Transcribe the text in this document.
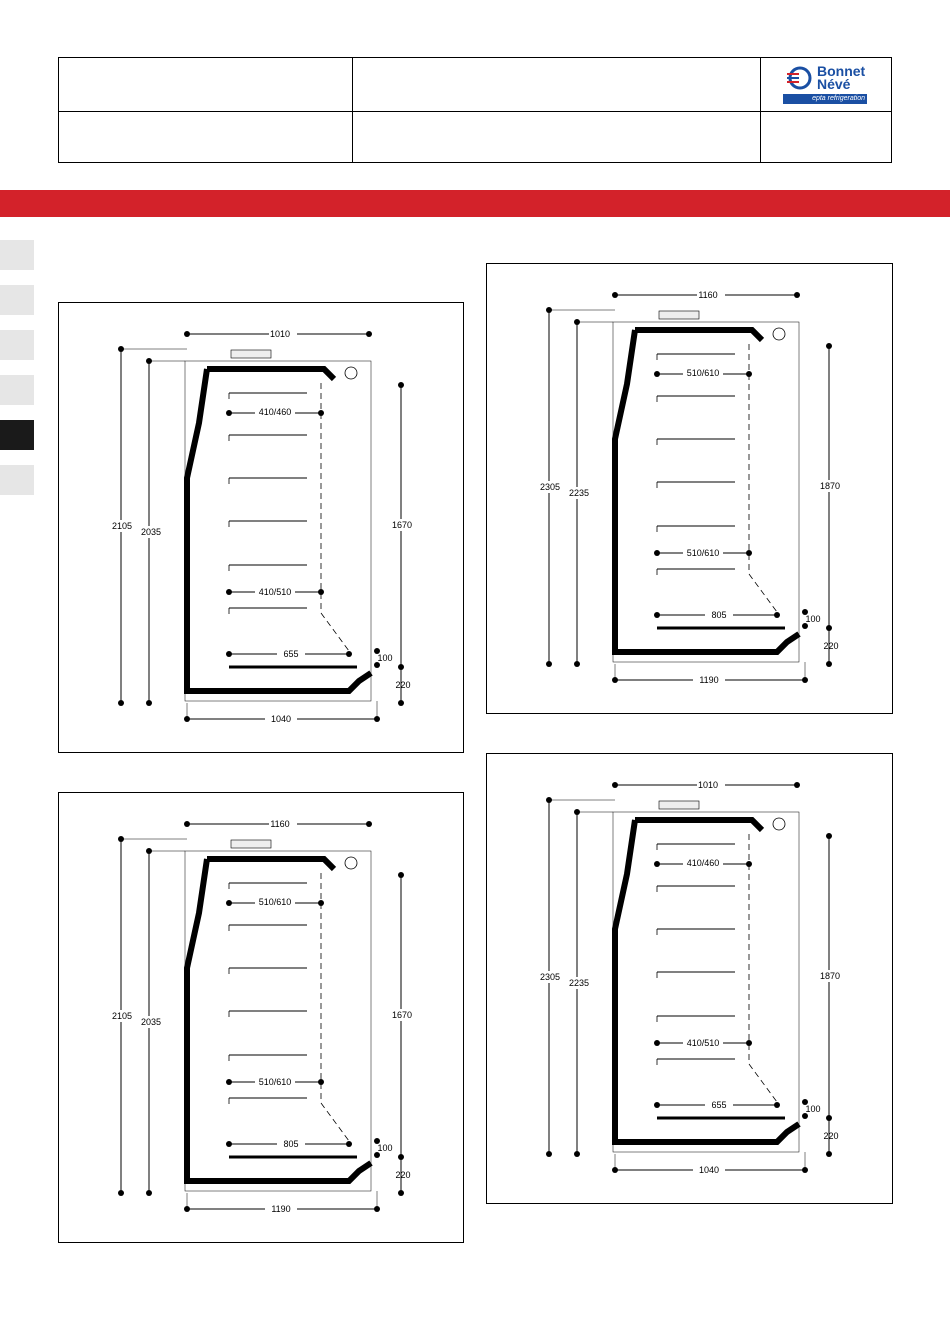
Bonnet
Névé
epta refrigeration
1010
2105
2035
410/460
410/510
655
1670
100
220
1040
1160
2305
2235
510/610
510/610
805
1870
100
220
1190
1160
2105
2035
510/610
510/610
805
1670
100
220
1190
1010
2305
2235
410/460
410/510
655
1870
100
220
1040
